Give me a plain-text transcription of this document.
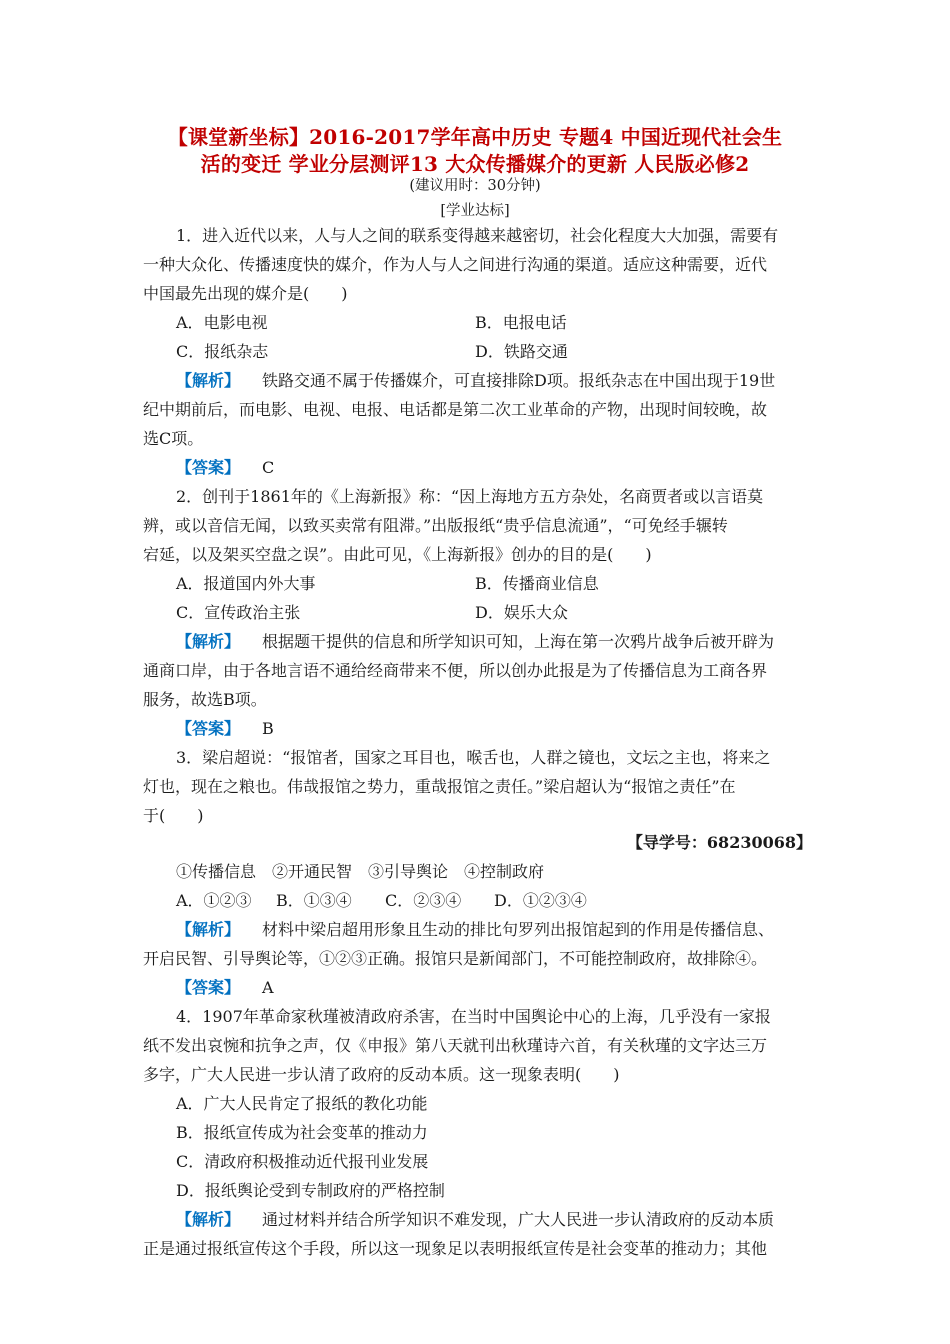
【课堂新坐标】2016-2017学年高中历史 专题4 中国近现代社会生
活的变迁 学业分层测评13 大众传播媒介的更新 人民版必修2
(建议用时：30分钟)
[学业达标]
1．进入近代以来，人与人之间的联系变得越来越密切，社会化程度大大加强，需要有
一种大众化、传播速度快的媒介，作为人与人之间进行沟通的渠道。适应这种需要，近代
中国最先出现的媒介是(　　)
A．电影电视	B．电报电话
C．报纸杂志	D．铁路交通
【解析】 铁路交通不属于传播媒介，可直接排除D项。报纸杂志在中国出现于19世
纪中期前后，而电影、电视、电报、电话都是第二次工业革命的产物，出现时间较晚，故
选C项。
【答案】 C
2．创刊于1861年的《上海新报》称：“因上海地方五方杂处，名商贾者或以言语莫
辨，或以音信无闻，以致买卖常有阻滞。”出版报纸“贵乎信息流通”，“可免经手辗转
宕延，以及架买空盘之误”。由此可见，《上海新报》创办的目的是(　　)
A．报道国内外大事	B．传播商业信息
C．宣传政治主张	D．娱乐大众
【解析】 根据题干提供的信息和所学知识可知，上海在第一次鸦片战争后被开辟为
通商口岸，由于各地言语不通给经商带来不便，所以创办此报是为了传播信息为工商各界
服务，故选B项。
【答案】 B
3．梁启超说：“报馆者，国家之耳目也，喉舌也，人群之镜也，文坛之主也，将来之
灯也，现在之粮也。伟哉报馆之势力，重哉报馆之责任。”梁启超认为“报馆之责任”在
于(　　)
【导学号：68230068】
①传播信息　②开通民智　③引导舆论　④控制政府
A．①②③ B．①③④ C．②③④ D．①②③④
【解析】 材料中梁启超用形象且生动的排比句罗列出报馆起到的作用是传播信息、
开启民智、引导舆论等，①②③正确。报馆只是新闻部门，不可能控制政府，故排除④。
【答案】 A
4．1907年革命家秋瑾被清政府杀害，在当时中国舆论中心的上海，几乎没有一家报
纸不发出哀惋和抗争之声，仅《申报》第八天就刊出秋瑾诗六首，有关秋瑾的文字达三万
多字，广大人民进一步认清了政府的反动本质。这一现象表明(　　)
A．广大人民肯定了报纸的教化功能
B．报纸宣传成为社会变革的推动力
C．清政府积极推动近代报刊业发展
D．报纸舆论受到专制政府的严格控制
【解析】 通过材料并结合所学知识不难发现，广大人民进一步认清政府的反动本质
正是通过报纸宣传这个手段，所以这一现象足以表明报纸宣传是社会变革的推动力；其他
